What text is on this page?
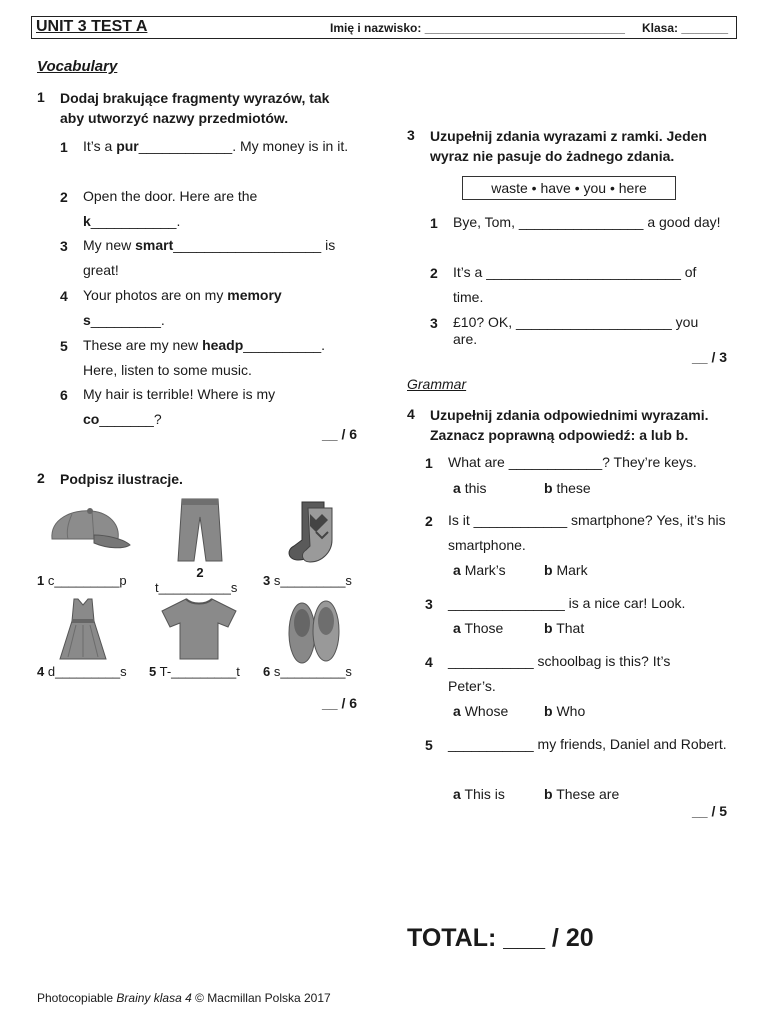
UNIT 3 TEST A	Imię i nazwisko: ______________________________ Klasa: _______
Vocabulary
1 Dodaj brakujące fragmenty wyrazów, tak aby utworzyć nazwy przedmiotów.
1 It’s a pur____________. My money is in it.
2 Open the door. Here are the k___________.
3 My new smart___________________ is great!
4 Your photos are on my memory s_________.
5 These are my new headp__________. Here, listen to some music.
6 My hair is terrible! Where is my co_______?
__ / 6
2 Podpisz ilustracje.
1 c_________p
2
t__________s	3 s_________s
4 d_________s 5 T-_________t 6 s_________s
__ / 6
3 Uzupełnij zdania wyrazami z ramki. Jeden wyraz nie pasuje do żadnego zdania.
waste • have • you • here
1 Bye, Tom, ________________ a good day!
2 It’s a _________________________ of time.
3 £10? OK, ____________________ you are.
__ / 3
Grammar
4 Uzupełnij zdania odpowiednimi wyrazami. Zaznacz poprawną odpowiedź: a lub b.
1 What are ____________? They’re keys.
a this	b these
2 Is it ____________ smartphone? Yes, it’s his smartphone.
a Mark’s	b Mark
3 _______________ is a nice car! Look.
a Those	b That
4 ___________ schoolbag is this? It’s Peter’s.
a Whose	b Who
5 ___________ my friends, Daniel and Robert.
a This is	b These are
__ / 5
TOTAL: ___ / 20
Photocopiable Brainy klasa 4 © Macmillan Polska 2017
